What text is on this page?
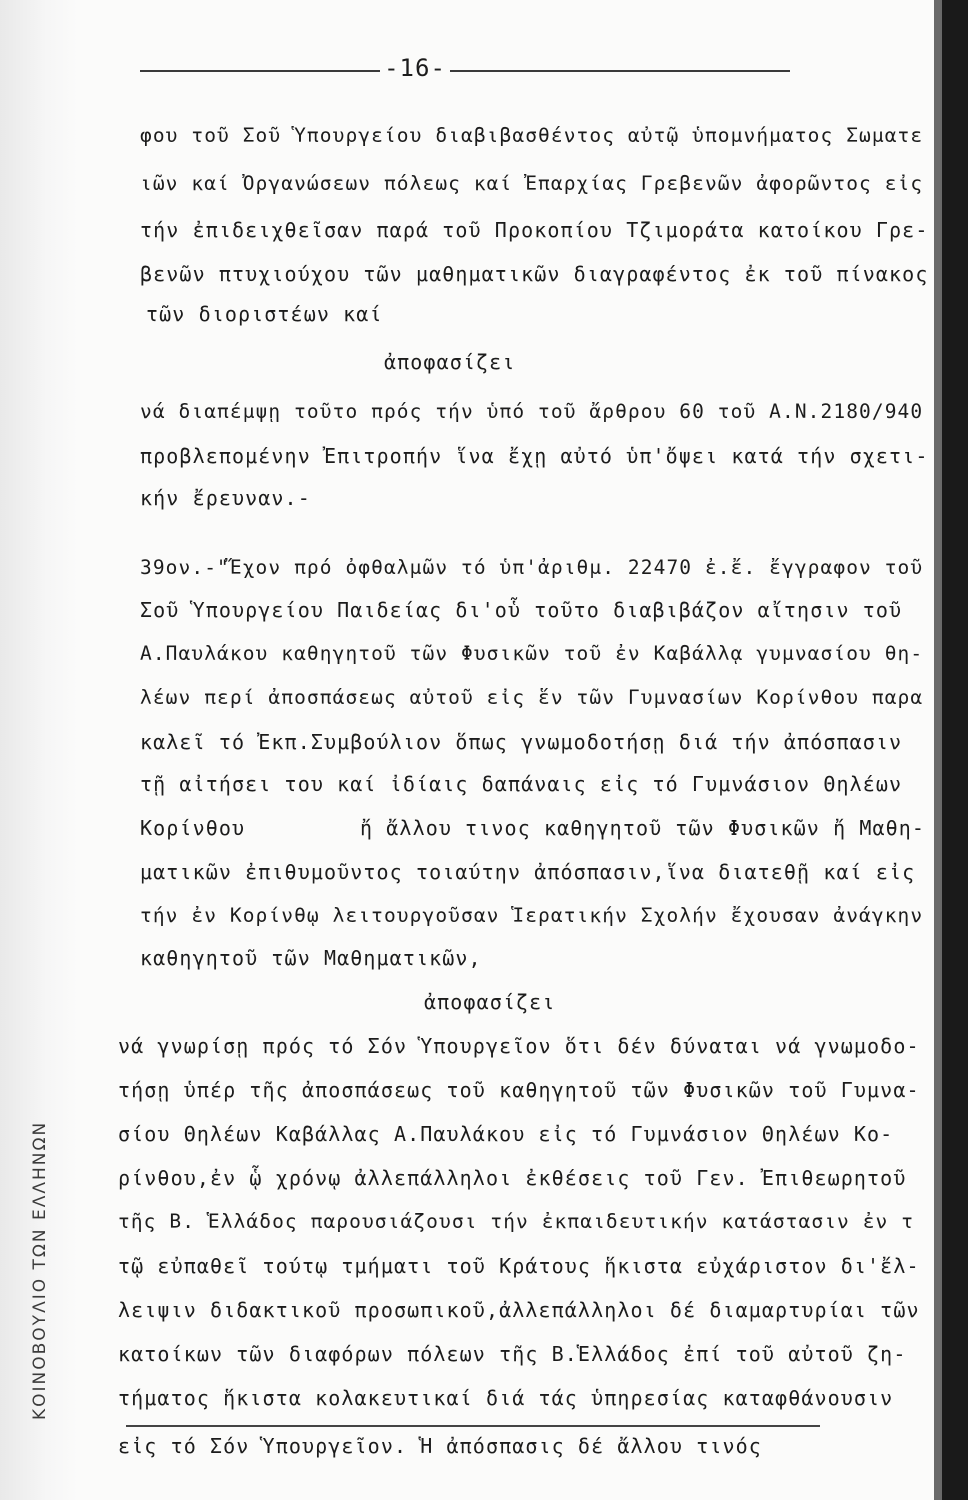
ΚΟΙΝΟΒΟΥΛΙΟ ΤΩΝ ΕΛΛΗΝΩΝ
-16-
φου τοῦ Σοῦ Ὑπουργείου διαβιβασθέντος αὐτῷ ὑπομνήματος Σωματε
ιῶν καί Ὀργανώσεων πόλεως καί Ἐπαρχίας Γρεβενῶν ἀφορῶντος εἰς
τήν ἐπιδειχθεῖσαν παρά τοῦ Προκοπίου Τζιμοράτα κατοίκου Γρε-
βενῶν πτυχιούχου τῶν μαθηματικῶν διαγραφέντος ἐκ τοῦ πίνακος
τῶν διοριστέων καί
ἀποφασίζει
νά διαπέμψῃ τοῦτο πρός τήν ὑπό τοῦ ἄρθρου 60 τοῦ Α.Ν.2180/940
προβλεπομένην Ἐπιτροπήν ἵνα ἔχῃ αὐτό ὑπ'ὄψει κατά τήν σχετι-
κήν ἔρευναν.-
39ον.-"Ἔχον πρό ὀφθαλμῶν τό ὑπ'ἀριθμ. 22470 ἐ.ἔ. ἔγγραφον τοῦ
Σοῦ Ὑπουργείου Παιδείας δι'οὗ τοῦτο διαβιβάζον αἴτησιν τοῦ
Α.Παυλάκου καθηγητοῦ τῶν Φυσικῶν τοῦ ἐν Καβάλλᾳ γυμνασίου θη-
λέων περί ἀποσπάσεως αὐτοῦ εἰς ἕν τῶν Γυμνασίων Κορίνθου παρα
καλεῖ τό Ἐκπ.Συμβούλιον ὅπως γνωμοδοτήσῃ διά τήν ἀπόσπασιν
τῇ αἰτήσει του καί ἰδίαις δαπάναις εἰς τό Γυμνάσιον Θηλέων
Κορίνθου	ἤ ἄλλου τινος καθηγητοῦ τῶν Φυσικῶν ἤ Μαθη-
ματικῶν ἐπιθυμοῦντος τοιαύτην ἀπόσπασιν,ἵνα διατεθῇ καί εἰς
τήν ἐν Κορίνθῳ λειτουργοῦσαν Ἱερατικήν Σχολήν ἔχουσαν ἀνάγκην
καθηγητοῦ τῶν Μαθηματικῶν,
ἀποφασίζει
νά γνωρίσῃ πρός τό Σόν Ὑπουργεῖον ὅτι δέν δύναται νά γνωμοδο-
τήσῃ ὑπέρ τῆς ἀποσπάσεως τοῦ καθηγητοῦ τῶν Φυσικῶν τοῦ Γυμνα-
σίου Θηλέων Καβάλλας Α.Παυλάκου εἰς τό Γυμνάσιον Θηλέων Κο-
ρίνθου,ἐν ᾧ χρόνῳ ἀλλεπάλληλοι ἐκθέσεις τοῦ Γεν. Ἐπιθεωρητοῦ
τῆς Β. Ἑλλάδος παρουσιάζουσι τήν ἐκπαιδευτικήν κατάστασιν ἐν τ
τῷ εὐπαθεῖ τούτῳ τμήματι τοῦ Κράτους ἥκιστα εὐχάριστον δι'ἔλ-
λειψιν διδακτικοῦ προσωπικοῦ,ἀλλεπάλληλοι δέ διαμαρτυρίαι τῶν
κατοίκων τῶν διαφόρων πόλεων τῆς Β.Ἑλλάδος ἐπί τοῦ αὐτοῦ ζη-
τήματος ἥκιστα κολακευτικαί διά τάς ὑπηρεσίας καταφθάνουσιν
εἰς τό Σόν Ὑπουργεῖον. Ἡ ἀπόσπασις δέ ἄλλου τινός
